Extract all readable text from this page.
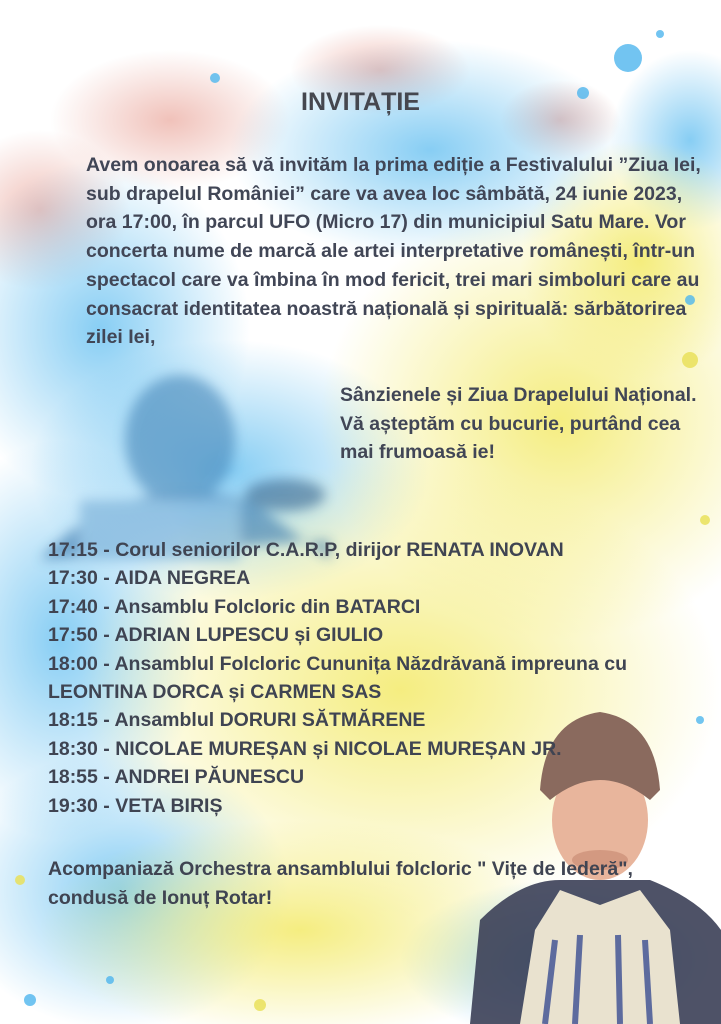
INVITAȚIE

Avem onoarea să vă invităm la prima ediție a Festivalului ”Ziua Iei, sub drapelul României” care va avea loc sâmbătă, 24 iunie 2023, ora 17:00, în parcul UFO (Micro 17) din municipiul Satu Mare. Vor concerta nume de marcă ale artei interpretative românești, într-un spectacol care va îmbina în mod fericit, trei mari simboluri care au consacrat identitatea noastră națională și spirituală: sărbătorirea zilei Iei,

Sânzienele și Ziua Drapelului Național.

Vă așteptăm cu bucurie, purtând cea mai frumoasă ie!

17:15 - Corul seniorilor C.A.R.P, dirijor RENATA INOVAN
17:30 - AIDA NEGREA
17:40 - Ansamblu Folcloric din BATARCI
17:50 - ADRIAN LUPESCU și GIULIO
18:00 - Ansamblul Folcloric Cununița Năzdrăvană impreuna cu LEONTINA DORCA și CARMEN SAS
18:15 - Ansamblul DORURI SĂTMĂRENE
18:30 - NICOLAE MUREȘAN și NICOLAE MUREȘAN JR.
18:55 - ANDREI PĂUNESCU
19:30 - VETA BIRIȘ

Acompaniază Orchestra ansamblului folcloric " Vițe de Iederă", condusă de Ionuț Rotar!
